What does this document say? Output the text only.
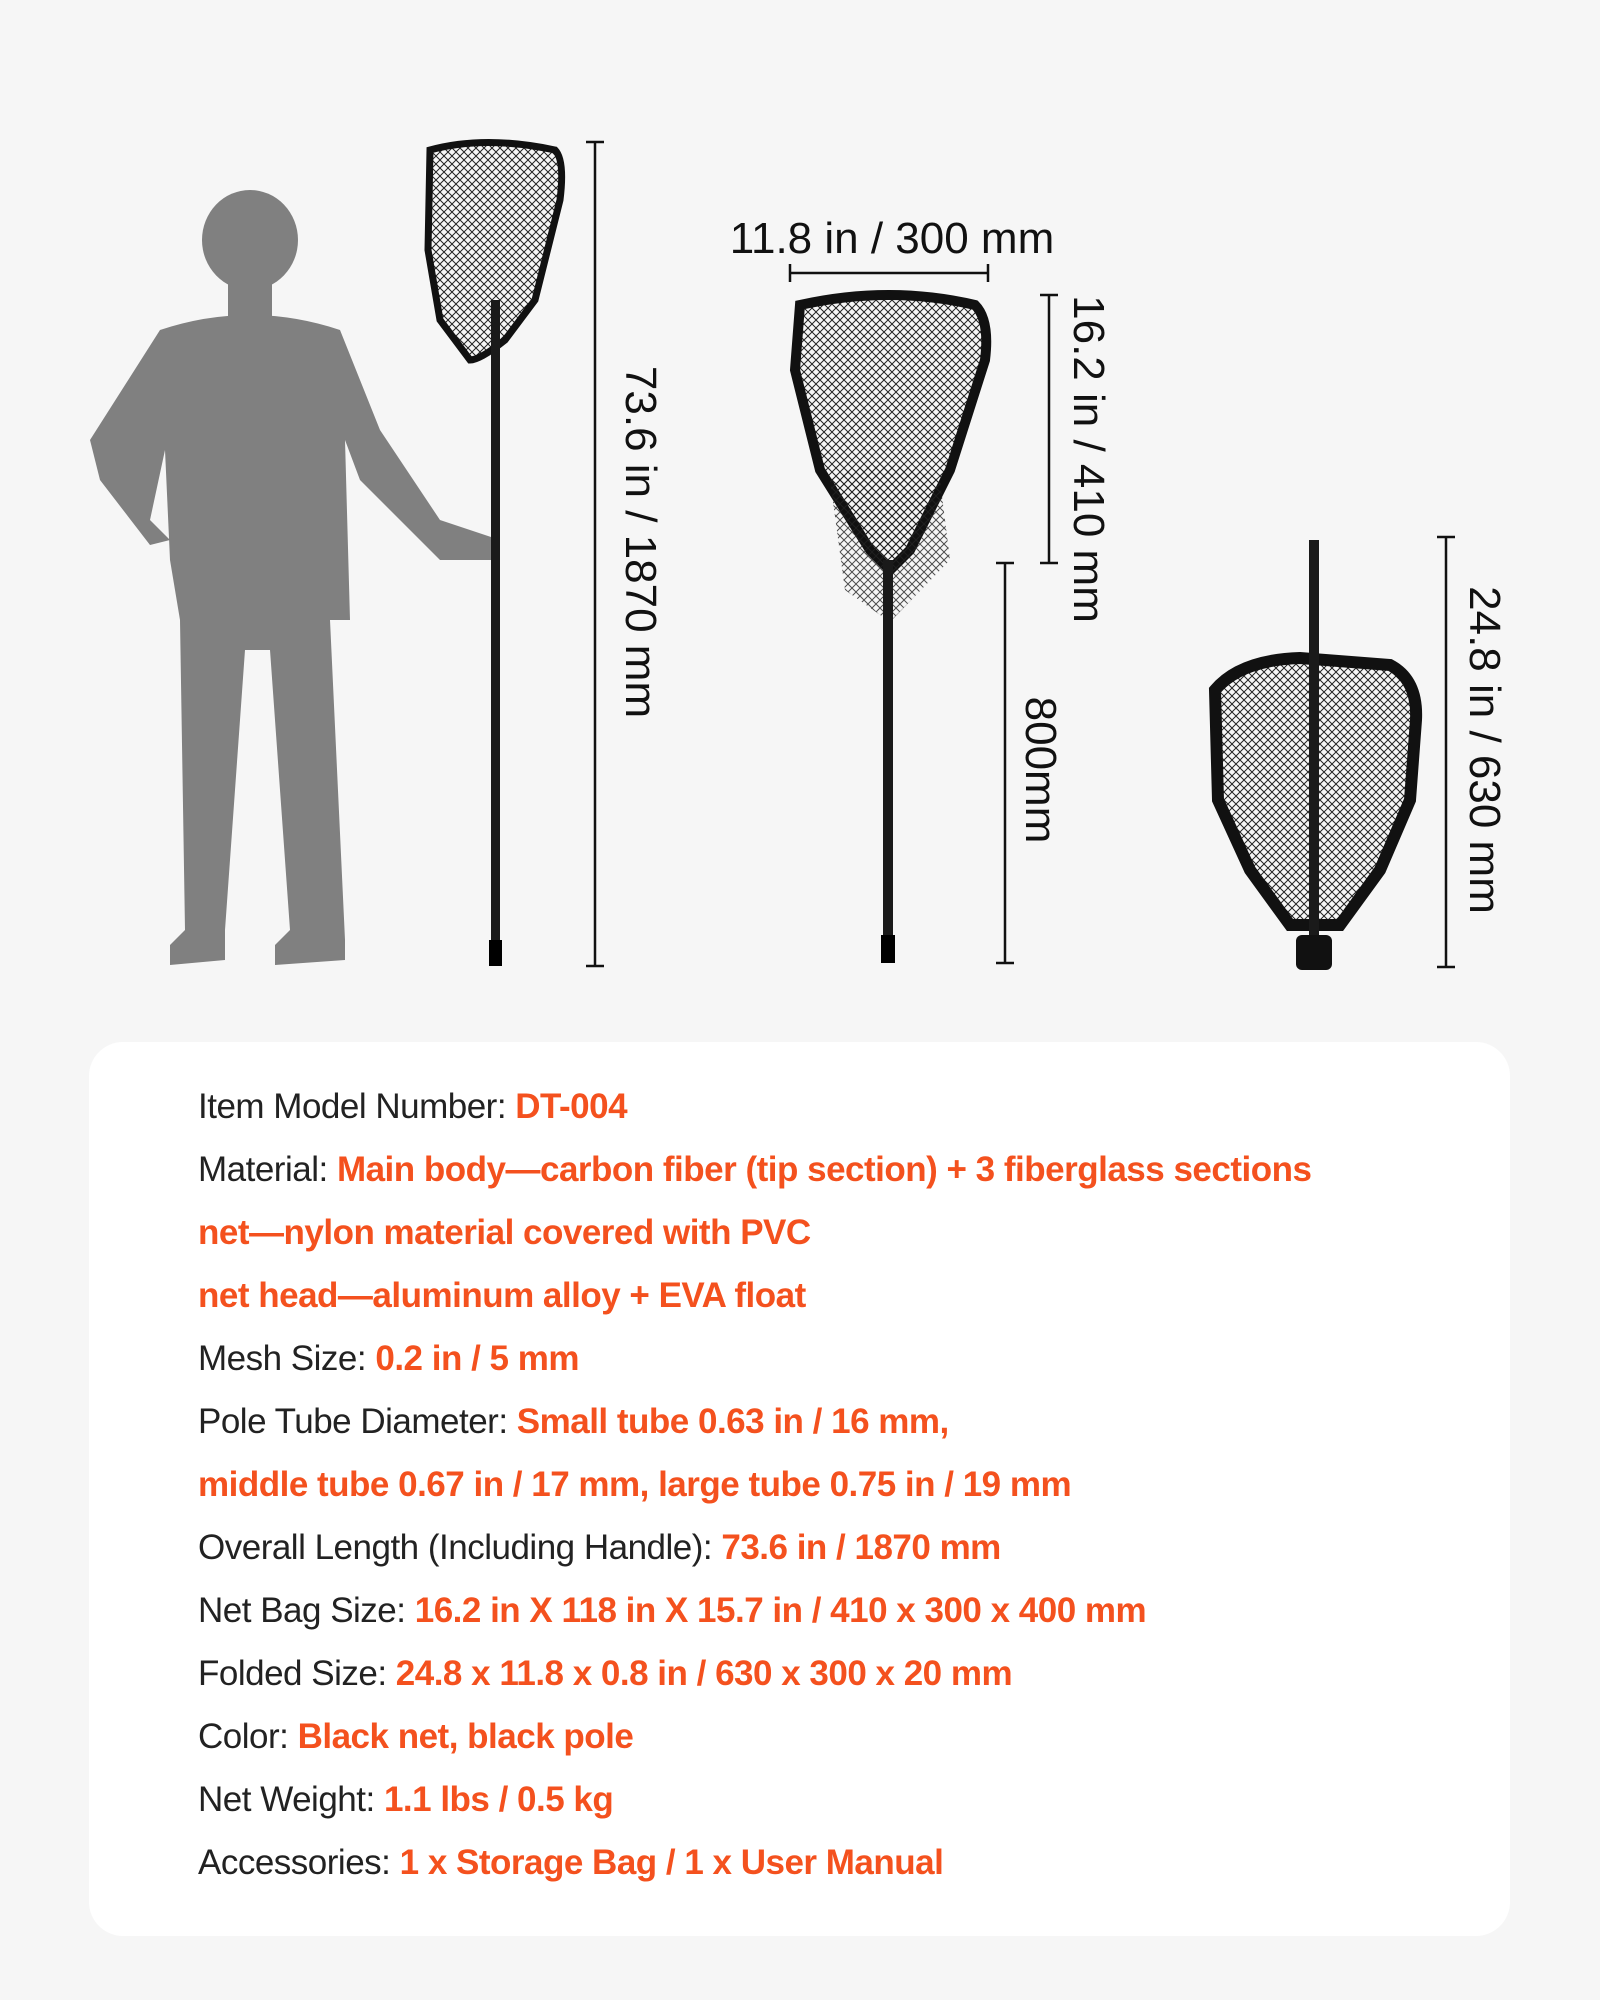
73.6 in / 1870 mm
11.8 in / 300 mm
16.2 in / 410 mm
800mm	24.8 in / 630 mm
Item Model Number: DT-004
Material: Main body—carbon fiber (tip section) + 3 fiberglass sections
net—nylon material covered with PVC
net head—aluminum alloy + EVA float
Mesh Size: 0.2 in / 5 mm
Pole Tube Diameter: Small tube 0.63 in / 16 mm,
middle tube 0.67 in / 17 mm, large tube 0.75 in / 19 mm
Overall Length (Including Handle): 73.6 in / 1870 mm
Net Bag Size: 16.2 in X 118 in X 15.7 in / 410 x 300 x 400 mm
Folded Size: 24.8 x 11.8 x 0.8 in / 630 x 300 x 20 mm
Color: Black net, black pole
Net Weight: 1.1 lbs / 0.5 kg
Accessories: 1 x Storage Bag / 1 x User Manual
